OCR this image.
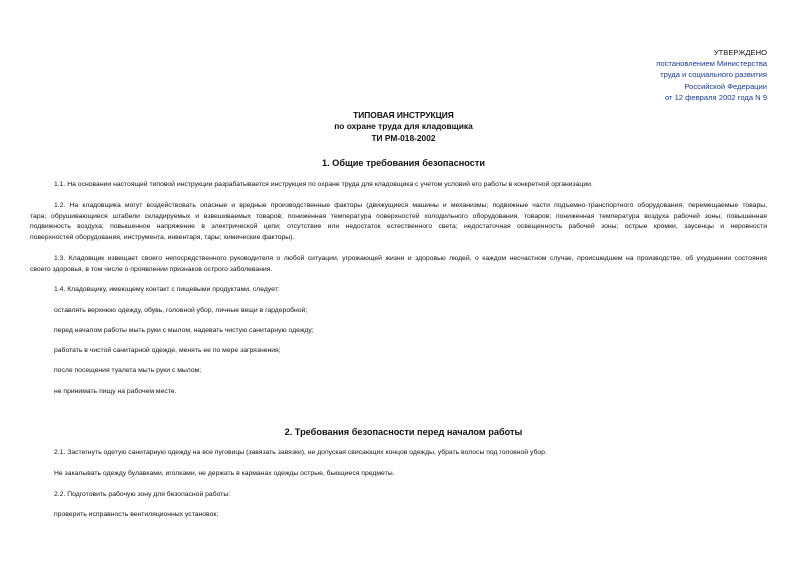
УТВЕРЖДЕНО
постановлением Министерства
труда и социального развития
Российской Федерации
от 12 февраля 2002 года N 9
ТИПОВАЯ ИНСТРУКЦИЯ
по охране труда для кладовщика
ТИ РМ-018-2002
1. Общие требования безопасности
1.1. На основании настоящей типовой инструкции разрабатывается инструкция по охране труда для кладовщика с учетом условий его работы в конкретной организации.
1.2. На кладовщика могут воздействовать опасные и вредные производственные факторы (движущиеся машины и механизмы; подвижные части подъемно-транспортного оборудования; перемещаемые товары,
тара; обрушивающиеся штабели складируемых и взвешиваемых товаров; пониженная температура поверхностей холодильного оборудования, товаров; пониженная температура воздуха рабочей зоны; повышенная
подвижность воздуха; повышенное напряжение в электрической цепи; отсутствие или недостаток естественного света; недостаточная освещенность рабочей зоны; острые кромки, заусенцы и неровности
поверхностей оборудования, инструмента, инвентаря, тары; химические факторы).
1.3. Кладовщик извещает своего непосредственного руководителя о любой ситуации, угрожающей жизни и здоровью людей, о каждом несчастном случае, происшедшем на производстве, об ухудшении состояния
своего здоровья, в том числе о проявлении признаков острого заболевания.
1.4. Кладовщику, имеющему контакт с пищевыми продуктами, следует:
оставлять верхнюю одежду, обувь, головной убор, личные вещи в гардеробной;
перед началом работы мыть руки с мылом, надевать чистую санитарную одежду;
работать в чистой санитарной одежде, менять ее по мере загрязнения;
после посещения туалета мыть руки с мылом;
не принимать пищу на рабочем месте.
2. Требования безопасности перед началом работы
2.1. Застегнуть одетую санитарную одежду на все пуговицы (завязать завязки), не допуская свисающих концов одежды, убрать волосы под головной убор.
Не закалывать одежду булавками, иголками, не держать в карманах одежды острые, бьющиеся предметы.
2.2. Подготовить рабочую зону для безопасной работы:
проверить исправность вентиляционных установок;
